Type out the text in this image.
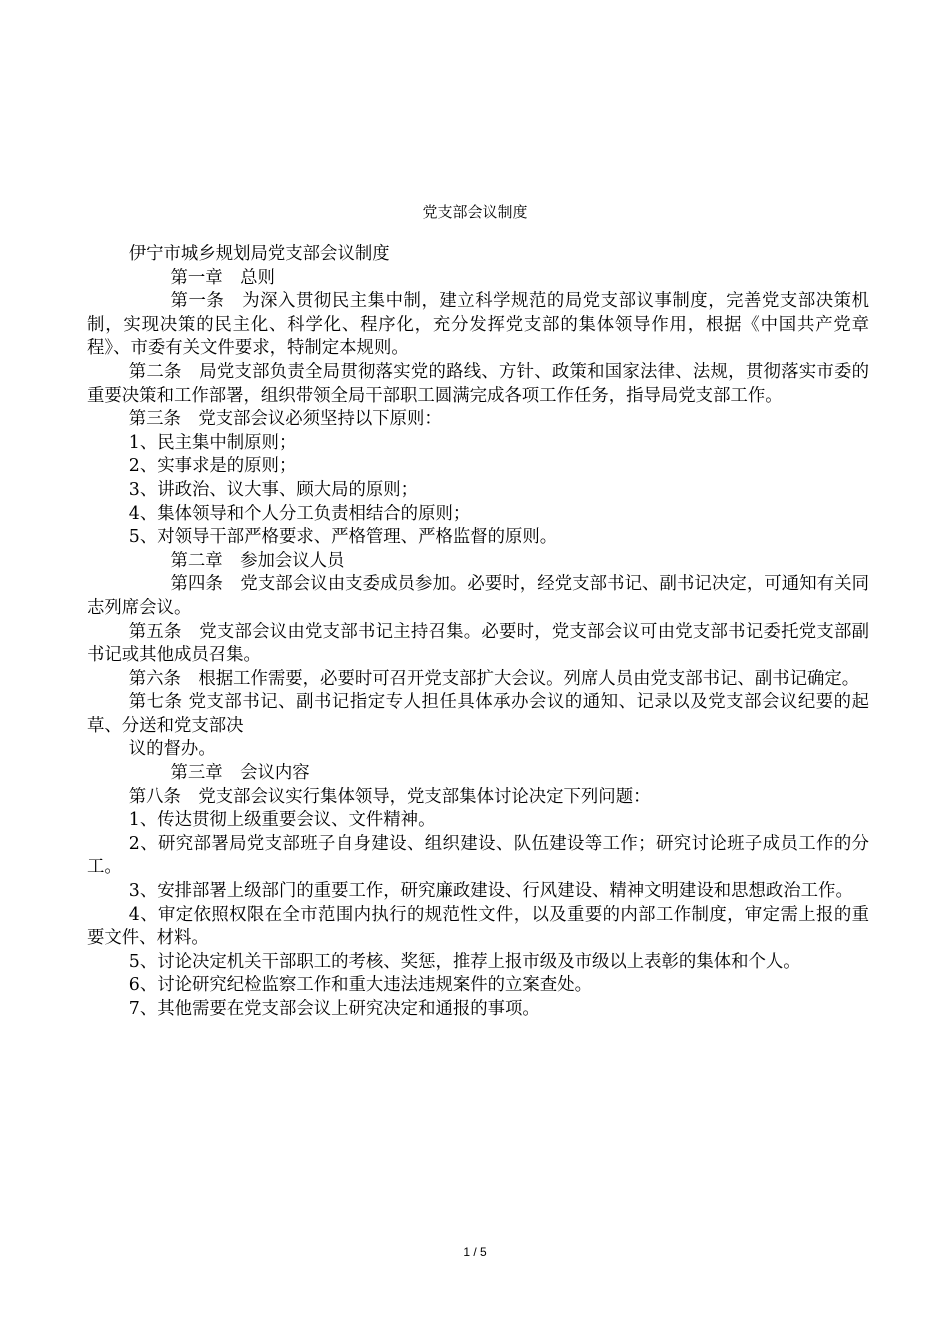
党支部会议制度

伊宁市城乡规划局党支部会议制度

第一章　总则

第一条　为深入贯彻民主集中制，建立科学规范的局党支部议事制度，完善党支部决策机制，实现决策的民主化、科学化、程序化，充分发挥党支部的集体领导作用，根据《中国共产党章程》、市委有关文件要求，特制定本规则。

第二条　局党支部负责全局贯彻落实党的路线、方针、政策和国家法律、法规，贯彻落实市委的重要决策和工作部署，组织带领全局干部职工圆满完成各项工作任务，指导局党支部工作。

第三条　党支部会议必须坚持以下原则：

1、民主集中制原则；

2、实事求是的原则；

3、讲政治、议大事、顾大局的原则；

4、集体领导和个人分工负责相结合的原则；

5、对领导干部严格要求、严格管理、严格监督的原则。

第二章　参加会议人员

第四条　党支部会议由支委成员参加。必要时，经党支部书记、副书记决定，可通知有关同志列席会议。

第五条　党支部会议由党支部书记主持召集。必要时，党支部会议可由党支部书记委托党支部副书记或其他成员召集。

第六条　根据工作需要，必要时可召开党支部扩大会议。列席人员由党支部书记、副书记确定。

第七条 党支部书记、副书记指定专人担任具体承办会议的通知、记录以及党支部会议纪要的起草、分送和党支部决

议的督办。

第三章　会议内容

第八条　党支部会议实行集体领导，党支部集体讨论决定下列问题：

1、传达贯彻上级重要会议、文件精神。

2、研究部署局党支部班子自身建设、组织建设、队伍建设等工作；研究讨论班子成员工作的分工。

3、安排部署上级部门的重要工作，研究廉政建设、行风建设、精神文明建设和思想政治工作。

4、审定依照权限在全市范围内执行的规范性文件，以及重要的内部工作制度，审定需上报的重要文件、材料。

5、讨论决定机关干部职工的考核、奖惩，推荐上报市级及市级以上表彰的集体和个人。

6、讨论研究纪检监察工作和重大违法违规案件的立案查处。

7、其他需要在党支部会议上研究决定和通报的事项。

1 / 5
